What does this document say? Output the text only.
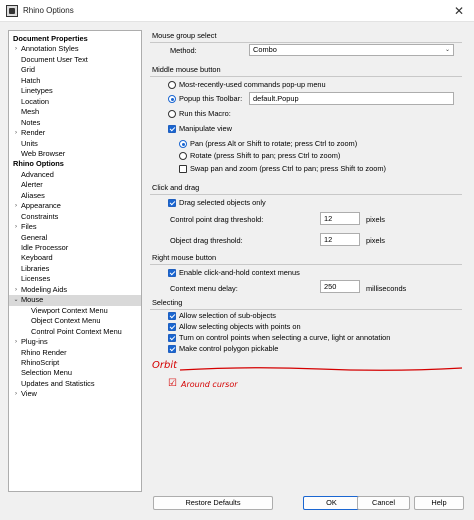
Rhino Options	✕
Document Properties
› Annotation Styles
Document User Text
Grid
Hatch
Linetypes
Location
Mesh
Notes
› Render
Units
Web Browser
Rhino Options
Advanced
Alerter
Aliases
› Appearance
Constraints
› Files
General
Idle Processor
Keyboard
Libraries
Licenses
› Modeling Aids
⌄ Mouse
Viewport Context Menu
Object Context Menu
Control Point Context Menu
› Plug-ins
Rhino Render
RhinoScript
Selection Menu
Updates and Statistics
› View
Mouse group select
Method:	Combo	⌄
Middle mouse button
Most-recently-used commands pop-up menu
Popup this Toolbar:	default.Popup
Run this Macro:
Manipulate view
Pan (press Alt or Shift to rotate; press Ctrl to zoom)
Rotate (press Shift to pan; press Ctrl to zoom)
Swap pan and zoom (press Ctrl to pan; press Shift to zoom)
Click and drag
Drag selected objects only
Control point drag threshold:	12	pixels
Object drag threshold:	12	pixels
Right mouse button
Enable click-and-hold context menus
Context menu delay:	250	milliseconds
Selecting
Allow selection of sub-objects
Allow selecting objects with points on
Turn on control points when selecting a curve, light or annotation
Make control polygon pickable
Orbit
☑ Around cursor
Restore Defaults	OK	Cancel	Help
